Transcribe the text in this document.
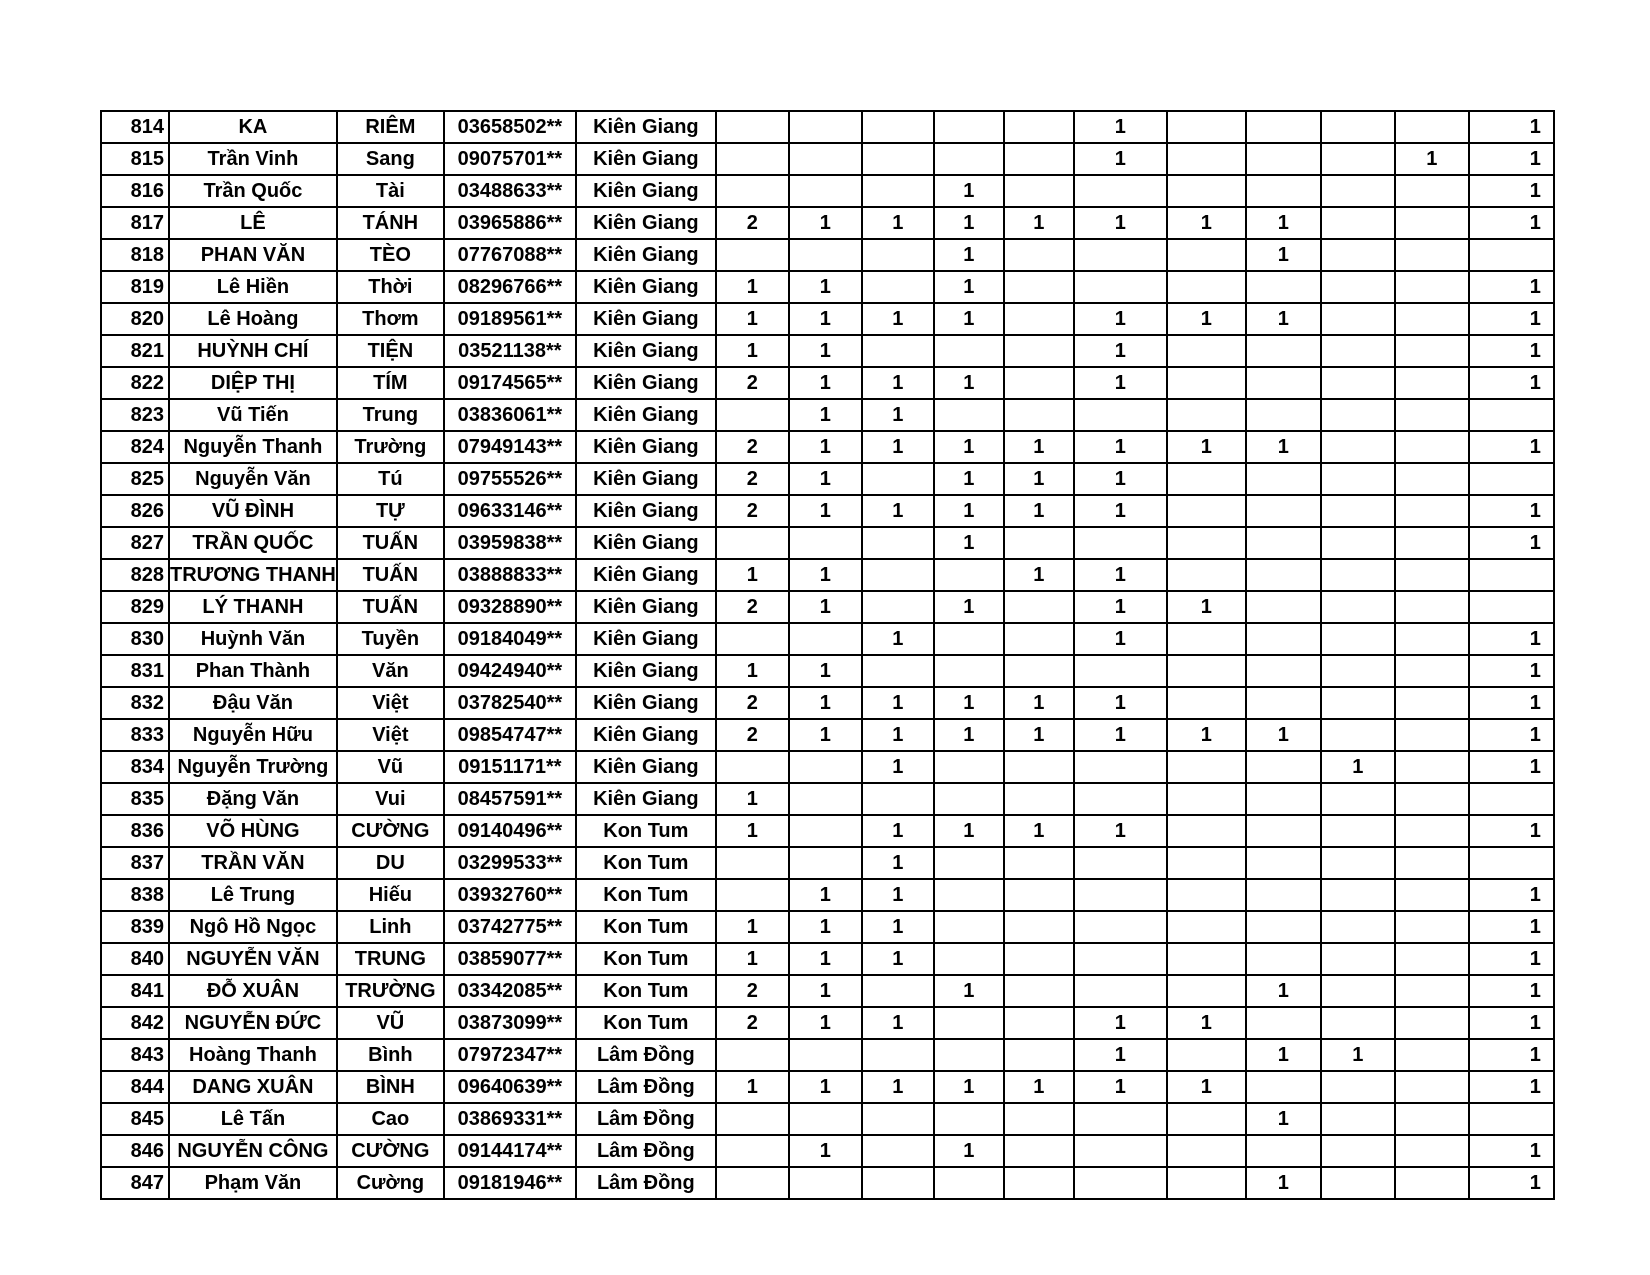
814	KA	RIÊM	03658502**	Kiên Giang						1					1
815	Trần Vinh	Sang	09075701**	Kiên Giang						1				1	1
816	Trần Quốc	Tài	03488633**	Kiên Giang				1							1
817	LÊ	TÁNH	03965886**	Kiên Giang	2	1	1	1	1	1	1	1			1
818	PHAN VĂN	TÈO	07767088**	Kiên Giang				1				1			
819	Lê Hiền	Thời	08296766**	Kiên Giang	1	1		1							1
820	Lê Hoàng	Thơm	09189561**	Kiên Giang	1	1	1	1		1	1	1			1
821	HUỲNH CHÍ	TIỆN	03521138**	Kiên Giang	1	1				1					1
822	DIỆP THỊ	TÍM	09174565**	Kiên Giang	2	1	1	1		1					1
823	Vũ Tiến	Trung	03836061**	Kiên Giang		1	1								
824	Nguyễn Thanh	Trường	07949143**	Kiên Giang	2	1	1	1	1	1	1	1			1
825	Nguyễn Văn	Tú	09755526**	Kiên Giang	2	1		1	1	1					
826	VŨ ĐÌNH	TỰ	09633146**	Kiên Giang	2	1	1	1	1	1					1
827	TRẦN QUỐC	TUẤN	03959838**	Kiên Giang				1							1
828	TRƯƠNG THANH	TUẤN	03888833**	Kiên Giang	1	1			1	1					
829	LÝ THANH	TUẤN	09328890**	Kiên Giang	2	1		1		1	1				
830	Huỳnh Văn	Tuyền	09184049**	Kiên Giang			1			1					1
831	Phan Thành	Văn	09424940**	Kiên Giang	1	1									1
832	Đậu Văn	Việt	03782540**	Kiên Giang	2	1	1	1	1	1					1
833	Nguyễn Hữu	Việt	09854747**	Kiên Giang	2	1	1	1	1	1	1	1			1
834	Nguyễn Trường	Vũ	09151171**	Kiên Giang			1						1		1
835	Đặng Văn	Vui	08457591**	Kiên Giang	1										
836	VÕ HÙNG	CƯỜNG	09140496**	Kon Tum	1		1	1	1	1					1
837	TRẦN VĂN	DU	03299533**	Kon Tum			1								
838	Lê Trung	Hiếu	03932760**	Kon Tum		1	1								1
839	Ngô Hồ Ngọc	Linh	03742775**	Kon Tum	1	1	1								1
840	NGUYỄN VĂN	TRUNG	03859077**	Kon Tum	1	1	1								1
841	ĐỖ XUÂN	TRƯỜNG	03342085**	Kon Tum	2	1		1				1			1
842	NGUYỄN ĐỨC	VŨ	03873099**	Kon Tum	2	1	1			1	1				1
843	Hoàng Thanh	Bình	07972347**	Lâm Đồng						1		1	1		1
844	DANG XUÂN	BÌNH	09640639**	Lâm Đồng	1	1	1	1	1	1	1				1
845	Lê Tấn	Cao	03869331**	Lâm Đồng								1			
846	NGUYỄN CÔNG	CƯỜNG	09144174**	Lâm Đồng		1		1							1
847	Phạm Văn	Cường	09181946**	Lâm Đồng								1			1
